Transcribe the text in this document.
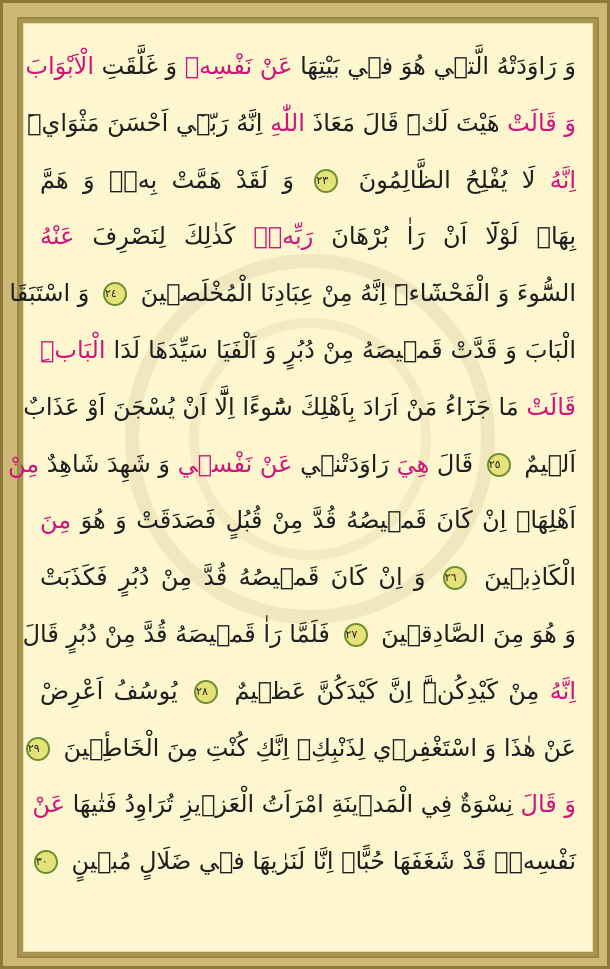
وَ رَاوَدَتْهُ الَّت۪ي هُوَ ف۪ي بَيْتِهَا عَنْ نَفْسِه۪ وَ غَلَّقَتِ الْاَبْوَابَ
وَ قَالَتْ هَيْتَ لَكَۜ قَالَ مَعَاذَ اللّٰهِ اِنَّهُ رَبّ۪ٓي اَحْسَنَ مَثْوَايَۜ
اِنَّهُ لَا يُفْلِحُ الظَّالِمُونَ ٢٣ وَ لَقَدْ هَمَّتْ بِه۪ۚ وَ هَمَّ
بِهَاۚ لَوْلَٓا اَنْ رَاٰ بُرْهَانَ رَبِّه۪ۜ كَذٰلِكَ لِنَصْرِفَ عَنْهُ
السُّٓوءَ وَ الْفَحْشَٓاءَۜ اِنَّهُ مِنْ عِبَادِنَا الْمُخْلَص۪ينَ ٢٤ وَ اسْتَبَقَا
الْبَابَ وَ قَدَّتْ قَم۪يصَهُ مِنْ دُبُرٍ وَ اَلْفَيَا سَيِّدَهَا لَدَا الْبَابِۜ
قَالَتْ مَا جَزَٓاءُ مَنْ اَرَادَ بِاَهْلِكَ سُٓوءًا اِلَّٓا اَنْ يُسْجَنَ اَوْ عَذَابٌ
اَل۪يمٌ ٢٥ قَالَ هِيَ رَاوَدَتْن۪ي عَنْ نَفْس۪ي وَ شَهِدَ شَاهِدٌ مِنْ
اَهْلِهَاۚ اِنْ كَانَ قَم۪يصُهُ قُدَّ مِنْ قُبُلٍ فَصَدَقَتْ وَ هُوَ مِنَ
الْكَاذِب۪ينَ ٢٦ وَ اِنْ كَانَ قَم۪يصُهُ قُدَّ مِنْ دُبُرٍ فَكَذَبَتْ
وَ هُوَ مِنَ الصَّادِق۪ينَ ٢٧ فَلَمَّا رَاٰ قَم۪يصَهُ قُدَّ مِنْ دُبُرٍ قَالَ
اِنَّهُ مِنْ كَيْدِكُنَّۜ اِنَّ كَيْدَكُنَّ عَظ۪يمٌ ٢٨ يُوسُفُ اَعْرِضْ
عَنْ هٰذَا وَ اسْتَغْفِر۪ي لِذَنْبِكِۚ اِنَّكِ كُنْتِ مِنَ الْخَاطِ۪ٔينَ ٢٩
وَ قَالَ نِسْوَةٌ فِي الْمَد۪ينَةِ امْرَاَتُ الْعَز۪يزِ تُرَاوِدُ فَتٰيهَا عَنْ
نَفْسِه۪ۚ قَدْ شَغَفَهَا حُبًّاۜ اِنَّا لَنَرٰيهَا ف۪ي ضَلَالٍ مُب۪ينٍ ٣٠
